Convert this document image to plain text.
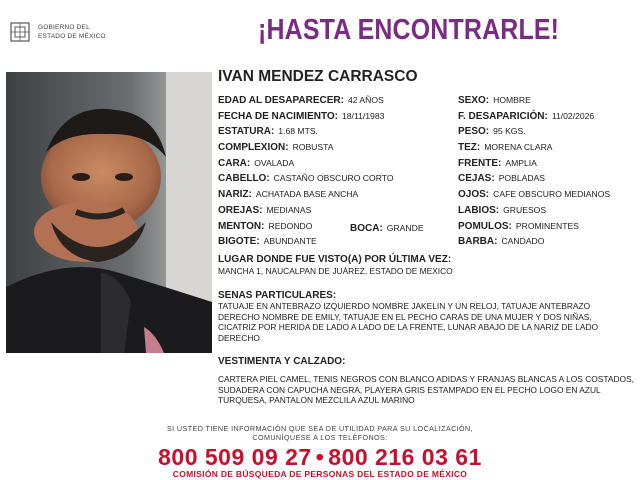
GOBIERNO DEL
ESTADO DE MÉXICO	¡HASTA ENCONTRARLE!
IVAN MENDEZ CARRASCO
EDAD AL DESAPARECER: 42 AÑOS
FECHA DE NACIMIENTO: 18/11/1983
ESTATURA: 1.68 MTS.
COMPLEXION: ROBUSTA
CARA: OVALADA
CABELLO: CASTAÑO OBSCURO CORTO
NARIZ: ACHATADA BASE ANCHA
OREJAS: MEDIANAS
MENTON: REDONDO	BOCA: GRANDE
BIGOTE: ABUNDANTE
SEXO: HOMBRE
F. DESAPARICIÓN: 11/02/2026
PESO: 95 KGS.
TEZ: MORENA CLARA
FRENTE: AMPLIA
CEJAS: POBLADAS
OJOS: CAFE OBSCURO MEDIANOS
LABIOS: GRUESOS
POMULOS: PROMINENTES
BARBA: CANDADO
LUGAR DONDE FUE VISTO(A) POR ÚLTIMA VEZ:
MANCHA 1, NAUCALPAN DE JUÁREZ, ESTADO DE MEXICO
SENAS PARTICULARES:
TATUAJE EN ANTEBRAZO IZQUIERDO NOMBRE JAKELIN Y UN RELOJ, TATUAJE ANTEBRAZO DERECHO NOMBRE DE EMILY, TATUAJE EN EL PECHO CARAS DE UNA MUJER Y DOS NIÑAS, CICATRIZ POR HERIDA DE LADO A LADO DE LA FRENTE, LUNAR ABAJO DE LA NARIZ DE LADO DERECHO
VESTIMENTA Y CALZADO:
CARTERA PIEL CAMEL, TENIS NEGROS CON BLANCO ADIDAS Y FRANJAS BLANCAS A LOS COSTADOS, SUDADERA CON CAPUCHA NEGRA, PLAYERA GRIS ESTAMPADO EN EL PECHO LOGO EN AZUL TURQUESA, PANTALON MEZCLILA AZUL MARINO
SI USTED TIENE INFORMACIÓN QUE SEA DE UTILIDAD PARA SU LOCALIZACIÓN,
COMUNÍQUESE A LOS TELÉFONOS:
800 509 09 27 • 800 216 03 61
COMISIÓN DE BÚSQUEDA DE PERSONAS DEL ESTADO DE MÉXICO
